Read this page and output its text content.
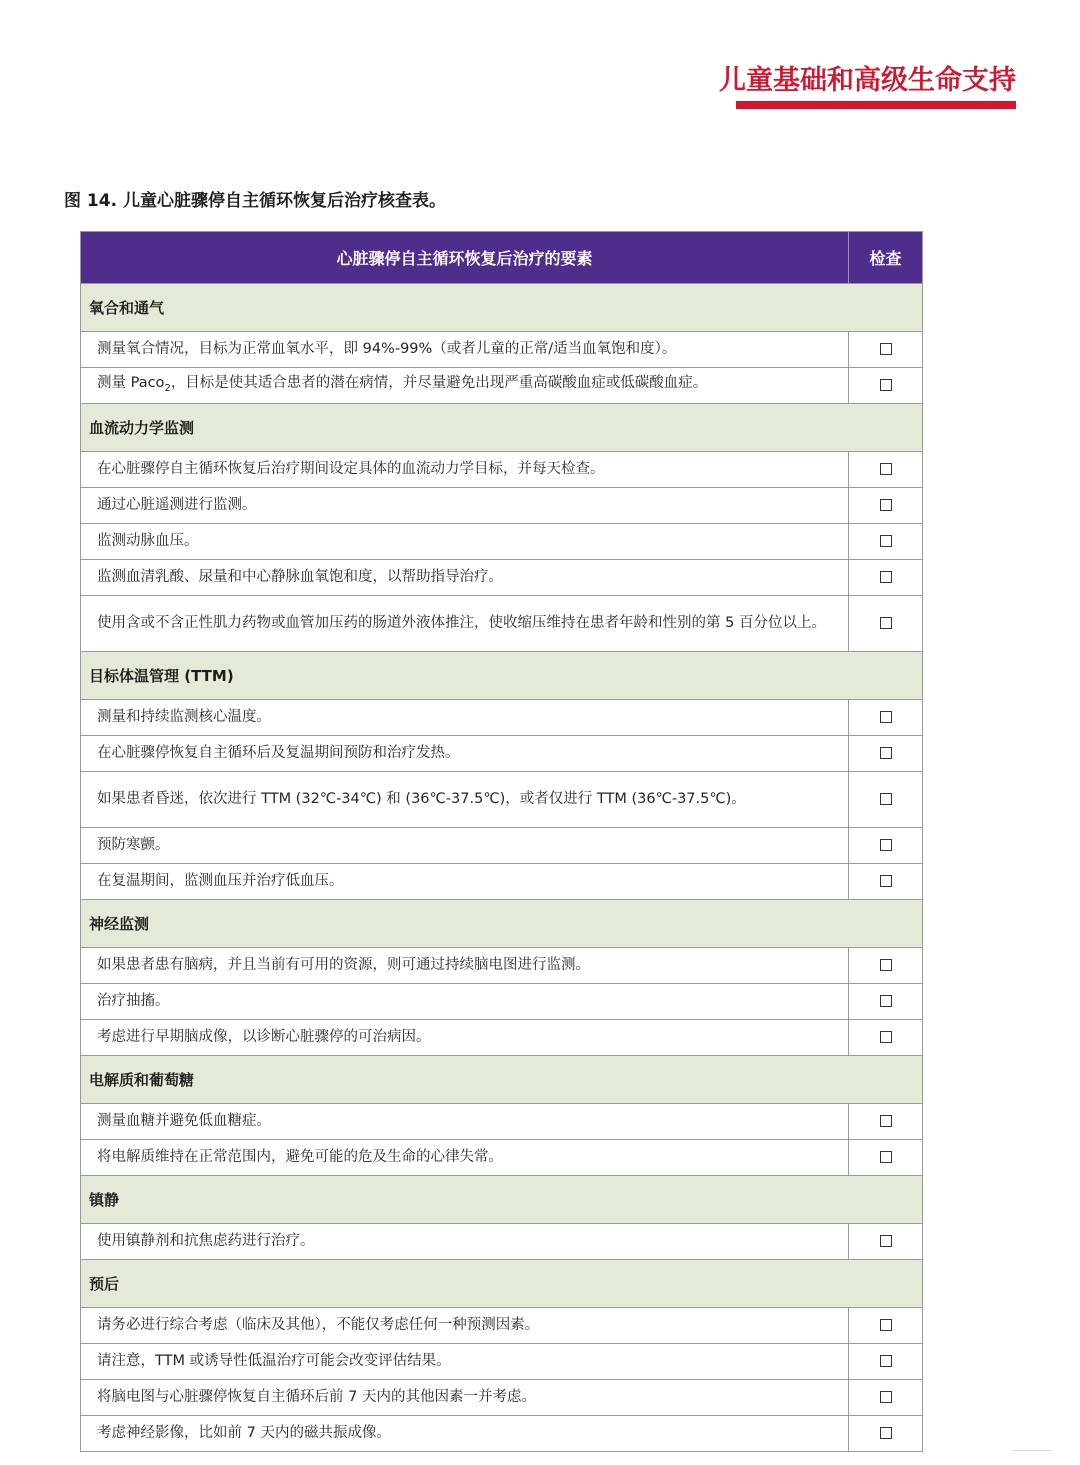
儿童基础和高级生命支持
图 14. 儿童心脏骤停自主循环恢复后治疗核查表。
心脏骤停自主循环恢复后治疗的要素	检查
氧合和通气	
测量氧合情况，目标为正常血氧水平，即 94%-99%（或者儿童的正常/适当血氧饱和度）。	
测量 Paco$_2$，目标是使其适合患者的潜在病情，并尽量避免出现严重高碳酸血症或低碳酸血症。	
血流动力学监测	
在心脏骤停自主循环恢复后治疗期间设定具体的血流动力学目标，并每天检查。	
通过心脏遥测进行监测。	
监测动脉血压。	
监测血清乳酸、尿量和中心静脉血氧饱和度，以帮助指导治疗。	
使用含或不含正性肌力药物或血管加压药的肠道外液体推注，使收缩压维持在患者年龄和性别的第 5 百分位以上。	
目标体温管理 (TTM)	
测量和持续监测核心温度。	
在心脏骤停恢复自主循环后及复温期间预防和治疗发热。	
如果患者昏迷，依次进行 TTM (32℃-34℃) 和 (36℃-37.5℃)，或者仅进行 TTM (36℃-37.5℃)。	
预防寒颤。	
在复温期间，监测血压并治疗低血压。	
神经监测	
如果患者患有脑病，并且当前有可用的资源，则可通过持续脑电图进行监测。	
治疗抽搐。	
考虑进行早期脑成像，以诊断心脏骤停的可治病因。	
电解质和葡萄糖	
测量血糖并避免低血糖症。	
将电解质维持在正常范围内，避免可能的危及生命的心律失常。	
镇静	
使用镇静剂和抗焦虑药进行治疗。	
预后	
请务必进行综合考虑（临床及其他），不能仅考虑任何一种预测因素。	
请注意，TTM 或诱导性低温治疗可能会改变评估结果。	
将脑电图与心脏骤停恢复自主循环后前 7 天内的其他因素一并考虑。	
考虑神经影像，比如前 7 天内的磁共振成像。	
